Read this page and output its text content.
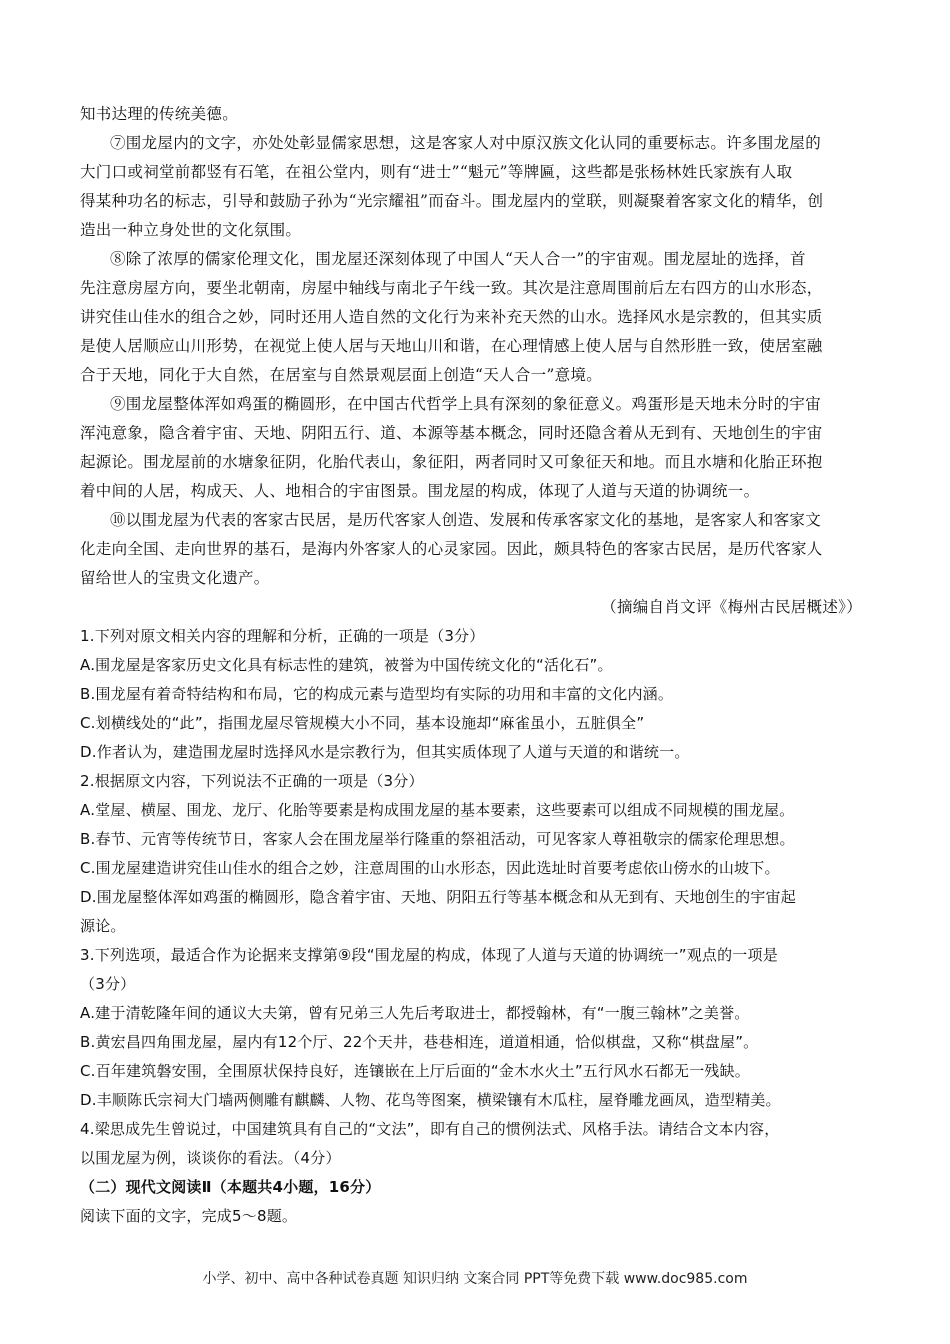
知书达理的传统美德。
⑦围龙屋内的文字，亦处处彰显儒家思想，这是客家人对中原汉族文化认同的重要标志。许多围龙屋的
大门口或祠堂前都竖有石笔，在祖公堂内，则有“进士”“魁元”等牌匾，这些都是张杨林姓氏家族有人取
得某种功名的标志，引导和鼓励子孙为“光宗耀祖”而奋斗。围龙屋内的堂联，则凝聚着客家文化的精华，创
造出一种立身处世的文化氛围。
⑧除了浓厚的儒家伦理文化，围龙屋还深刻体现了中国人“天人合一”的宇宙观。围龙屋址的选择，首
先注意房屋方向，要坐北朝南，房屋中轴线与南北子午线一致。其次是注意周围前后左右四方的山水形态，
讲究佳山佳水的组合之妙，同时还用人造自然的文化行为来补充天然的山水。选择风水是宗教的，但其实质
是使人居顺应山川形势，在视觉上使人居与天地山川和谐，在心理情感上使人居与自然形胜一致，使居室融
合于天地，同化于大自然，在居室与自然景观层面上创造“天人合一”意境。
⑨围龙屋整体浑如鸡蛋的椭圆形，在中国古代哲学上具有深刻的象征意义。鸡蛋形是天地未分时的宇宙
浑沌意象，隐含着宇宙、天地、阴阳五行、道、本源等基本概念，同时还隐含着从无到有、天地创生的宇宙
起源论。围龙屋前的水塘象征阴，化胎代表山，象征阳，两者同时又可象征天和地。而且水塘和化胎正环抱
着中间的人居，构成天、人、地相合的宇宙图景。围龙屋的构成，体现了人道与天道的协调统一。
⑩以围龙屋为代表的客家古民居，是历代客家人创造、发展和传承客家文化的基地，是客家人和客家文
化走向全国、走向世界的基石，是海内外客家人的心灵家园。因此，颇具特色的客家古民居，是历代客家人
留给世人的宝贵文化遗产。
（摘编自肖文评《梅州古民居概述》）
1.下列对原文相关内容的理解和分析，正确的一项是（3分）
A.围龙屋是客家历史文化具有标志性的建筑，被誉为中国传统文化的“活化石”。
B.围龙屋有着奇特结构和布局，它的构成元素与造型均有实际的功用和丰富的文化内涵。
C.划横线处的“此”，指围龙屋尽管规模大小不同，基本设施却“麻雀虽小，五脏俱全”
D.作者认为，建造围龙屋时选择风水是宗教行为，但其实质体现了人道与天道的和谐统一。
2.根据原文内容，下列说法不正确的一项是（3分）
A.堂屋、横屋、围龙、龙厅、化胎等要素是构成围龙屋的基本要素，这些要素可以组成不同规模的围龙屋。
B.春节、元宵等传统节日，客家人会在围龙屋举行隆重的祭祖活动，可见客家人尊祖敬宗的儒家伦理思想。
C.围龙屋建造讲究佳山佳水的组合之妙，注意周围的山水形态，因此选址时首要考虑依山傍水的山坡下。
D.围龙屋整体浑如鸡蛋的椭圆形，隐含着宇宙、天地、阴阳五行等基本概念和从无到有、天地创生的宇宙起
源论。
3.下列选项，最适合作为论据来支撑第⑨段“围龙屋的构成，体现了人道与天道的协调统一”观点的一项是
（3分）
A.建于清乾隆年间的通议大夫第，曾有兄弟三人先后考取进士，都授翰林，有“一腹三翰林”之美誉。
B.黄宏昌四角围龙屋，屋内有12个厅、22个天井，巷巷相连，道道相通，恰似棋盘，又称“棋盘屋”。
C.百年建筑磐安围，全围原状保持良好，连镶嵌在上厅后面的“金木水火土”五行风水石都无一残缺。
D.丰顺陈氏宗祠大门墙两侧雕有麒麟、人物、花鸟等图案，横梁镶有木瓜柱，屋脊雕龙画凤，造型精美。
4.梁思成先生曾说过，中国建筑具有自己的“文法”，即有自己的惯例法式、风格手法。请结合文本内容，
以围龙屋为例，谈谈你的看法。（4分）
（二）现代文阅读Ⅱ（本题共4小题，16分）
阅读下面的文字，完成5～8题。
小学、初中、高中各种试卷真题 知识归纳 文案合同 PPT等免费下载 www.doc985.com
